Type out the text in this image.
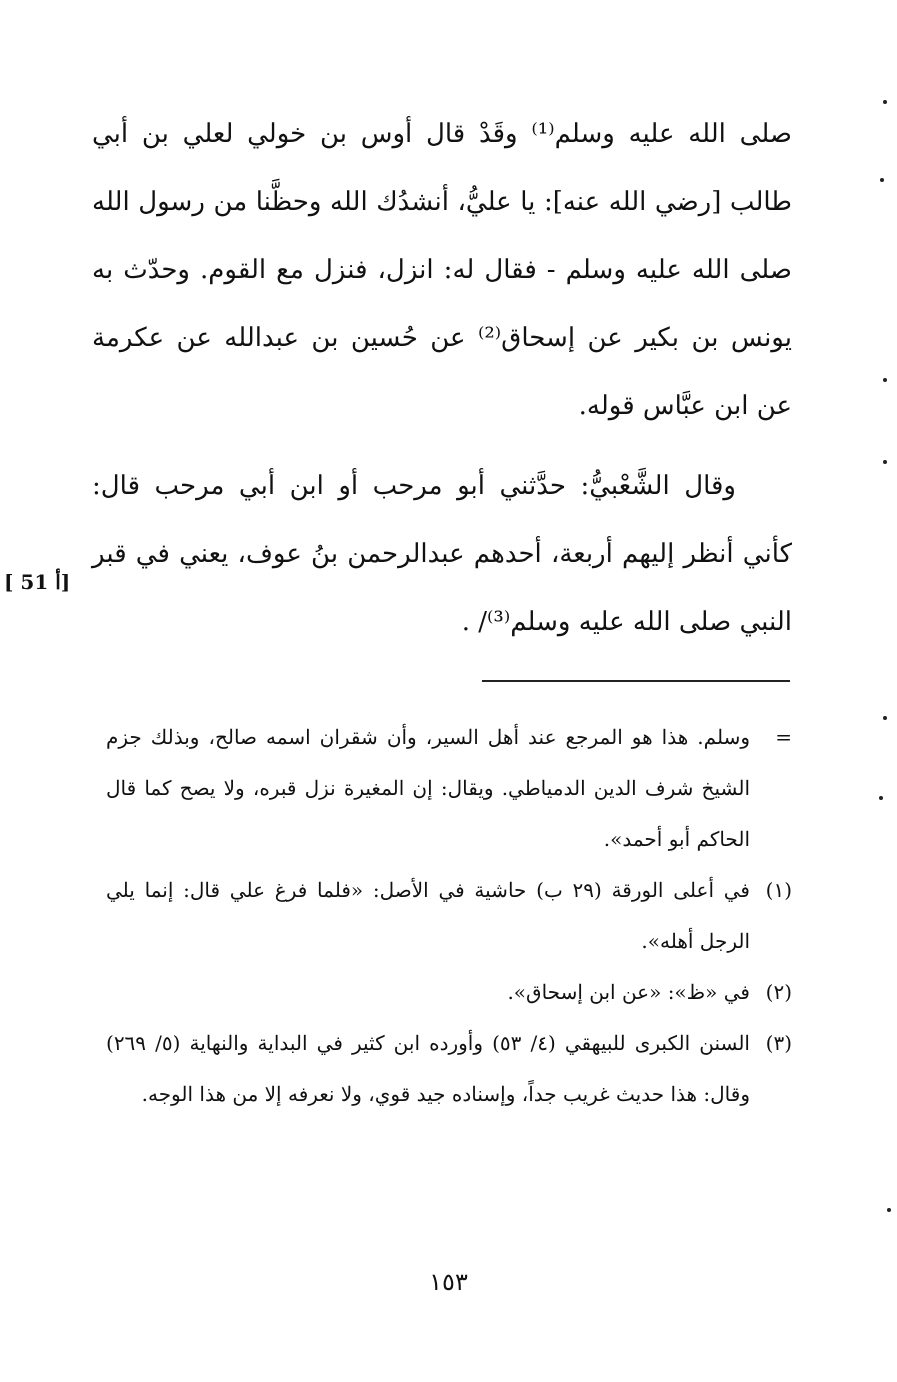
صلى الله عليه وسلم⁽¹⁾ وقَدْ قال أوس بن خولي لعلي بن أبي طالب [رضي الله عنه]: يا عليُّ، أنشدُك الله وحظَّنا من رسول الله صلى الله عليه وسلم - فقال له: انزل، فنزل مع القوم. وحدّث به يونس بن بكير عن إسحاق⁽²⁾ عن حُسين بن عبدالله عن عكرمة عن ابن عبَّاس قوله.

وقال الشَّعْبيُّ: حدَّثني أبو مرحب أو ابن أبي مرحب قال: كأني أنظر إليهم أربعة، أحدهم عبدالرحمن بنُ عوف، يعني في قبر النبي صلى الله عليه وسلم⁽³⁾/ .

[ 51 أ]

=
وسلم. هذا هو المرجع عند أهل السير، وأن شقران اسمه صالح، وبذلك جزم الشيخ شرف الدين الدمياطي. ويقال: إن المغيرة نزل قبره، ولا يصح كما قال الحاكم أبو أحمد».

(١)
في أعلى الورقة (٢٩ ب) حاشية في الأصل: «فلما فرغ علي قال: إنما يلي الرجل أهله».

(٢)
في «ظ»: «عن ابن إسحاق».

(٣)
السنن الكبرى للبيهقي (٤/ ٥٣) وأورده ابن كثير في البداية والنهاية (٥/ ٢٦٩) وقال: هذا حديث غريب جداً، وإسناده جيد قوي، ولا نعرفه إلا من هذا الوجه.

١٥٣
